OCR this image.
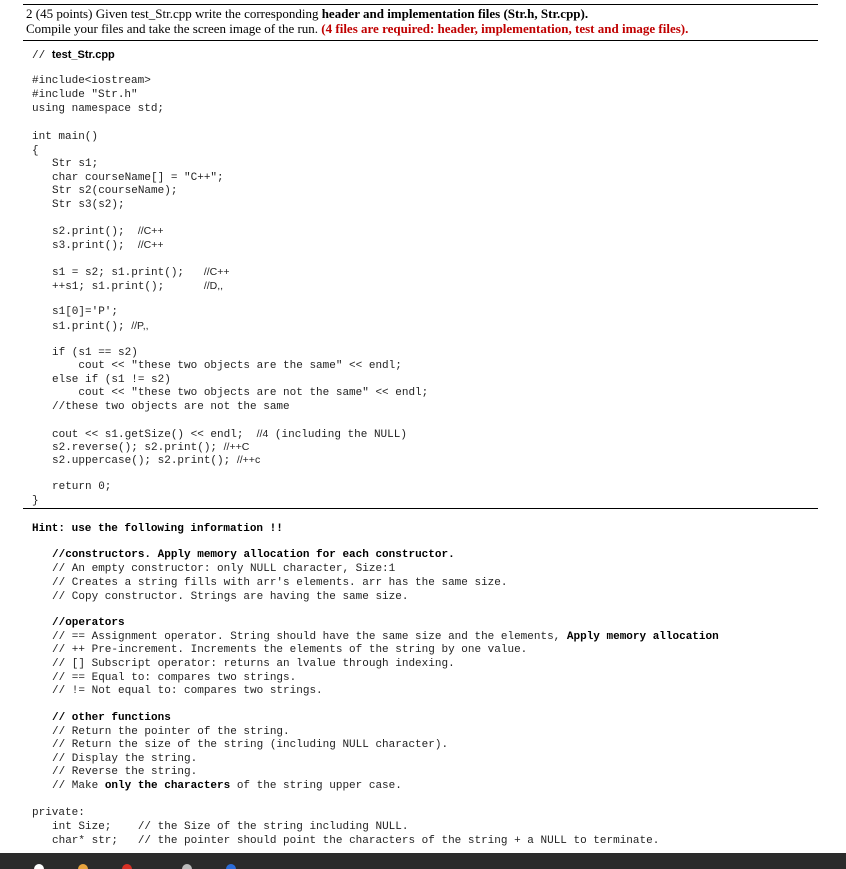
2 (45 points) Given test_Str.cpp write the corresponding header and implementation files (Str.h, Str.cpp).
Compile your files and take the screen image of the run. (4 files are required: header, implementation, test and image files).

// test_Str.cpp

#include<iostream>

#include "Str.h"

using namespace std;

int main()

{

Str s1;

char courseName[] = "C++";

Str s2(courseName);

Str s3(s2);

s2.print();  //C++

s3.print();  //C++

s1 = s2; s1.print();   //C++

++s1; s1.print();      //D,,

s1[0]='P';

s1.print(); //P,,

if (s1 == s2)

cout << "these two objects are the same" << endl;

else if (s1 != s2)

cout << "these two objects are not the same" << endl;

//these two objects are not the same

cout << s1.getSize() << endl;  //4 (including the NULL)

s2.reverse(); s2.print(); //++C

s2.uppercase(); s2.print(); //++c

return 0;

}

Hint: use the following information !!

//constructors. Apply memory allocation for each constructor.

// An empty constructor: only NULL character, Size:1

// Creates a string fills with arr's elements. arr has the same size.

// Copy constructor. Strings are having the same size.

//operators

// == Assignment operator. String should have the same size and the elements, Apply memory allocation

// ++ Pre-increment. Increments the elements of the string by one value.

// [] Subscript operator: returns an lvalue through indexing.

// == Equal to: compares two strings.

// != Not equal to: compares two strings.

// other functions

// Return the pointer of the string.

// Return the size of the string (including NULL character).

// Display the string.

// Reverse the string.

// Make only the characters of the string upper case.

private:

int Size;    // the Size of the string including NULL.

char* str;   // the pointer should point the characters of the string + a NULL to terminate.
